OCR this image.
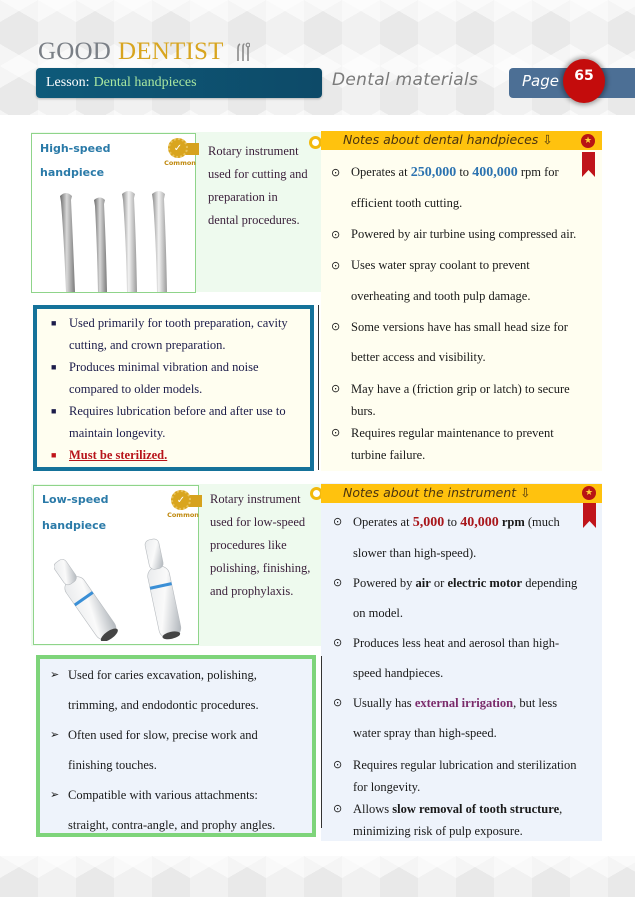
GOOD DENTIST
Lesson: Dental handpieces	Dental materials	Page	65
High-speed
handpiece
✓
Common
Rotary instrument
used for cutting and
preparation in
dental procedures.
■ Used primarily for tooth preparation, cavity
cutting, and crown preparation.
■ Produces minimal vibration and noise
compared to older models.
■ Requires lubrication before and after use to
maintain longevity.
■ Must be sterilized.
Notes about dental handpieces ⇩	★
⊙ Operates at 250,000 to 400,000 rpm for
efficient tooth cutting.
⊙ Powered by air turbine using compressed air.
⊙ Uses water spray coolant to prevent
overheating and tooth pulp damage.
⊙ Some versions have has small head size for
better access and visibility.
⊙ May have a (friction grip or latch) to secure
burs.
⊙ Requires regular maintenance to prevent
turbine failure.
Low-speed
handpiece
✓
Common
Rotary instrument
used for low-speed
procedures like
polishing, finishing,
and prophylaxis.
➢ Used for caries excavation, polishing,
trimming, and endodontic procedures.
➢ Often used for slow, precise work and
finishing touches.
➢ Compatible with various attachments:
straight, contra-angle, and prophy angles.
Notes about the instrument ⇩	★
⊙ Operates at 5,000 to 40,000 rpm (much
slower than high-speed).
⊙ Powered by air or electric motor depending
on model.
⊙ Produces less heat and aerosol than high-
speed handpieces.
⊙ Usually has external irrigation, but less
water spray than high-speed.
⊙ Requires regular lubrication and sterilization
for longevity.
⊙ Allows slow removal of tooth structure,
minimizing risk of pulp exposure.
